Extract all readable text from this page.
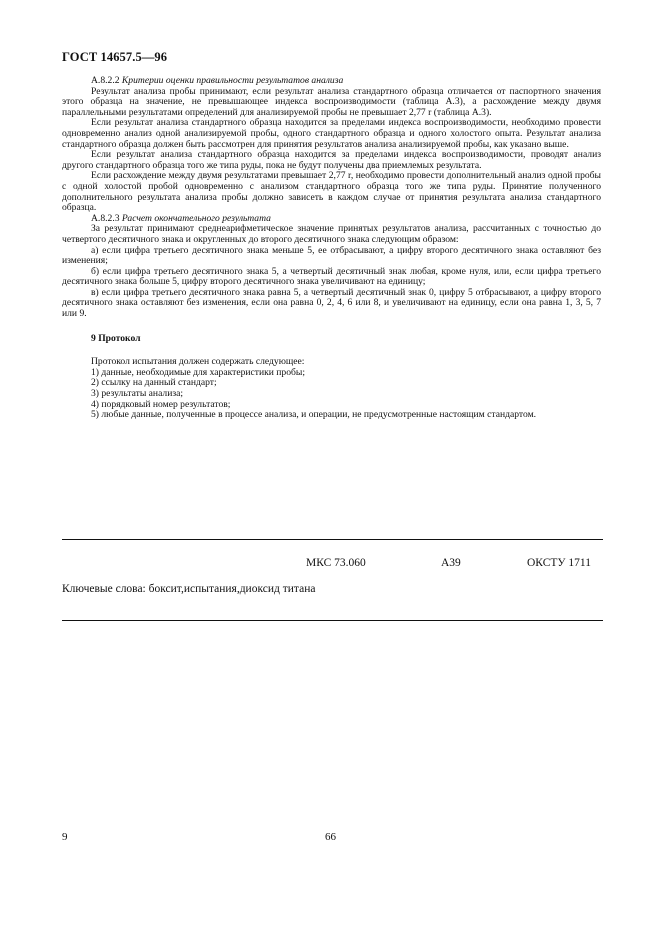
ГОСТ 14657.5—96

А.8.2.2 Критерии оценки правильности результатов анализа

Результат анализа пробы принимают, если результат анализа стандартного образца отличается от паспортного значения этого образца на значение, не превышающее индекса воспроизводимости (таблица А.3), а расхождение между двумя параллельными результатами определений для анализируемой пробы не превышает 2,77 r (таблица А.3).

Если результат анализа стандартного образца находится за пределами индекса воспроизводимости, необходимо провести одновременно анализ одной анализируемой пробы, одного стандартного образца и одного холостого опыта. Результат анализа стандартного образца должен быть рассмотрен для принятия результатов анализа анализируемой пробы, как указано выше.

Если результат анализа стандартного образца находится за пределами индекса воспроизводимости, проводят анализ другого стандартного образца того же типа руды, пока не будут получены два приемлемых результата.

Если расхождение между двумя результатами превышает 2,77 r, необходимо провести дополнительный анализ одной пробы с одной холостой пробой одновременно с анализом стандартного образца того же типа руды. Принятие полученного дополнительного результата анализа пробы должно зависеть в каждом случае от принятия результата анализа стандартного образца.

А.8.2.3 Расчет окончательного результата

За результат принимают среднеарифметическое значение принятых результатов анализа, рассчитанных с точностью до четвертого десятичного знака и округленных до второго десятичного знака следующим образом:

а) если цифра третьего десятичного знака меньше 5, ее отбрасывают, а цифру второго десятичного знака оставляют без изменения;

б) если цифра третьего десятичного знака 5, а четвертый десятичный знак любая, кроме нуля, или, если цифра третьего десятичного знака больше 5, цифру второго десятичного знака увеличивают на единицу;

в) если цифра третьего десятичного знака равна 5, а четвертый десятичный знак 0, цифру 5 отбрасывают, а цифру второго десятичного знака оставляют без изменения, если она равна 0, 2, 4, 6 или 8, и увеличивают на единицу, если она равна 1, 3, 5, 7 или 9.

9 Протокол

Протокол испытания должен содержать следующее:

1) данные, необходимые для характеристики пробы;

2) ссылку на данный стандарт;

3) результаты анализа;

4) порядковый номер результатов;

5) любые данные, полученные в процессе анализа, и операции, не предусмотренные настоящим стандартом.

МКС 73.060	А39	ОКСТУ 1711
Ключевые слова: боксит,испытания,диоксид титана
9	66
